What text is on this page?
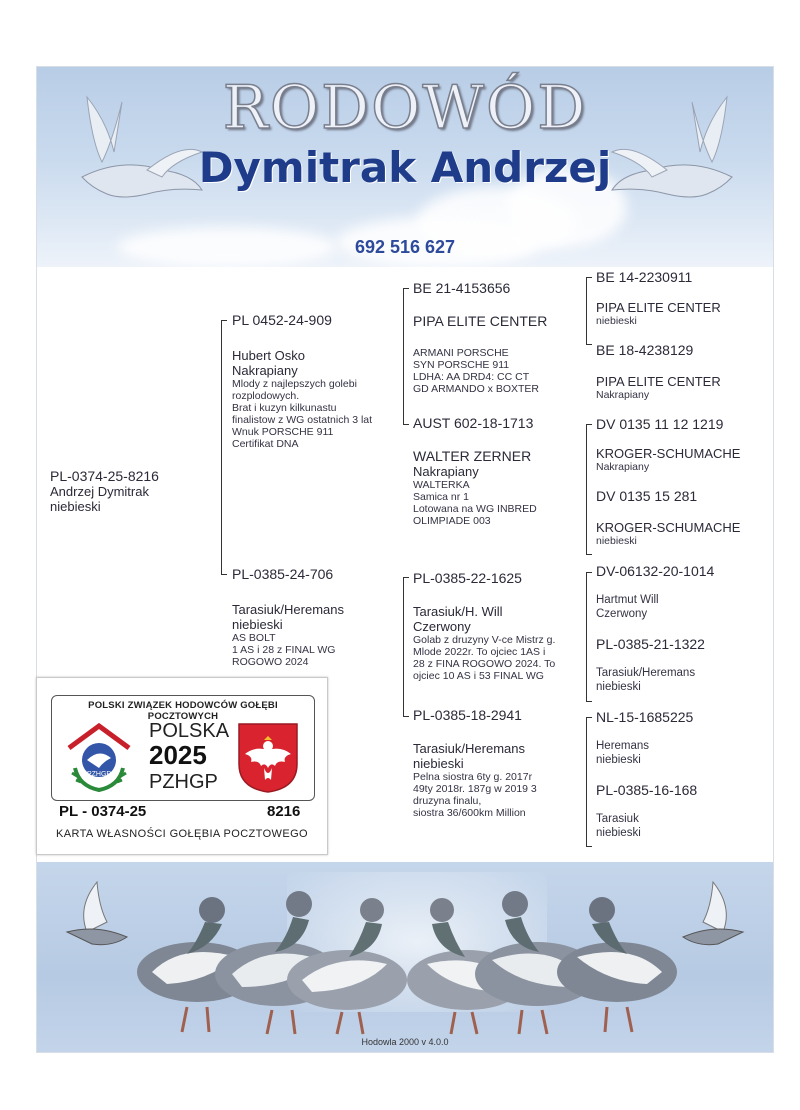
RODOWÓD
Dymitrak Andrzej
692 516 627
Hodowla 2000 v 4.0.0
PL-0374-25-8216
Andrzej Dymitrak
niebieski
PL 0452-24-909
Hubert Osko
Nakrapiany
Mlody z najlepszych golebi
rozplodowych.
Brat i kuzyn kilkunastu
finalistow z WG ostatnich 3 lat
Wnuk PORSCHE 911
Certifikat DNA
PL-0385-24-706
Tarasiuk/Heremans
niebieski
AS BOLT
1 AS i 28 z FINAL WG
ROGOWO 2024
BE 21-4153656
PIPA ELITE CENTER
ARMANI PORSCHE
SYN PORSCHE 911
LDHA: AA DRD4: CC CT
GD ARMANDO x BOXTER
AUST 602-18-1713
WALTER ZERNER
Nakrapiany
WALTERKA
Samica nr 1
Lotowana na WG INBRED
OLIMPIADE 003
PL-0385-22-1625
Tarasiuk/H. Will
Czerwony
Golab z druzyny V-ce Mistrz g.
Mlode 2022r. To ojciec 1AS i
28 z FINA ROGOWO 2024. To
ojciec 10 AS i 53 FINAL WG
PL-0385-18-2941
Tarasiuk/Heremans
niebieski
Pelna siostra 6ty g. 2017r
49ty 2018r. 187g w 2019 3
druzyna finalu,
siostra 36/600km Million
BE 14-2230911
PIPA ELITE CENTER
niebieski
BE 18-4238129
PIPA ELITE CENTER
Nakrapiany
DV 0135 11 12 1219
KROGER-SCHUMACHE
Nakrapiany
DV 0135 15 281
KROGER-SCHUMACHE
niebieski
DV-06132-20-1014
Hartmut Will
Czerwony
PL-0385-21-1322
Tarasiuk/Heremans
niebieski
NL-15-1685225
Heremans
niebieski
PL-0385-16-168
Tarasiuk
niebieski
POLSKI ZWIĄZEK HODOWCÓW GOŁĘBI POCZTOWYCH
PZHGP
POLSKA
2025
PZHGP
PL - 0374-25	8216
KARTA WŁASNOŚCI GOŁĘBIA POCZTOWEGO
